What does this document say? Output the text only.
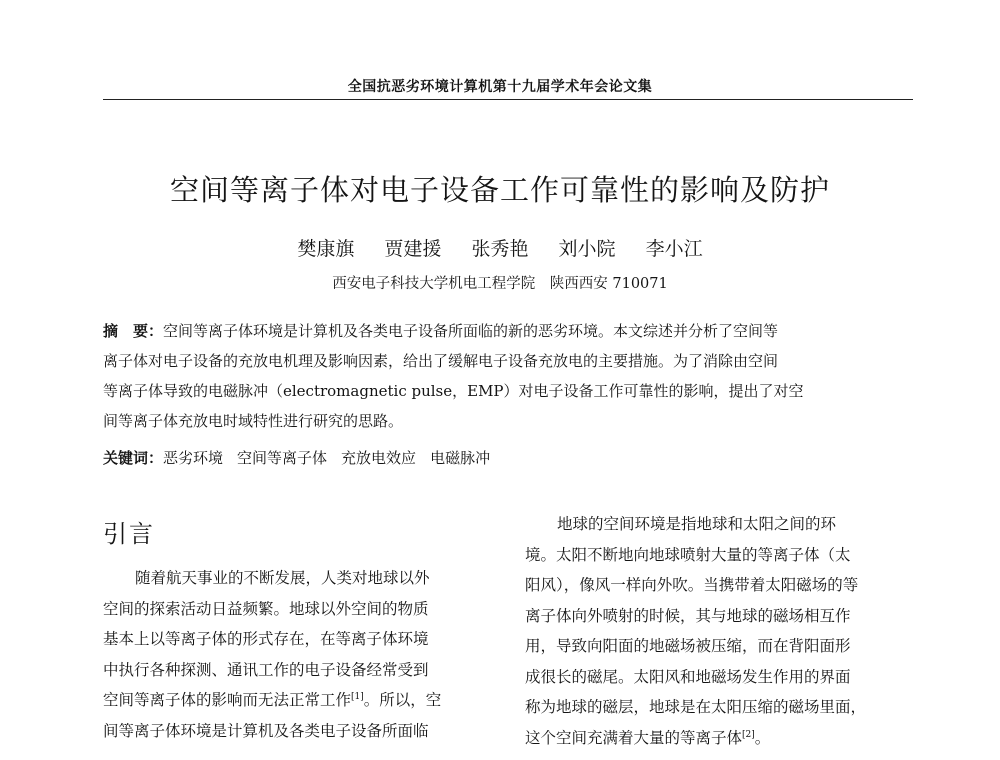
全国抗恶劣环境计算机第十九届学术年会论文集
空间等离子体对电子设备工作可靠性的影响及防护
樊康旗 贾建援 张秀艳 刘小院 李小江
西安电子科技大学机电工程学院　陕西西安 710071
摘　要：空间等离子体环境是计算机及各类电子设备所面临的新的恶劣环境。本文综述并分析了空间等
离子体对电子设备的充放电机理及影响因素，给出了缓解电子设备充放电的主要措施。为了消除由空间
等离子体导致的电磁脉冲（electromagnetic pulse，EMP）对电子设备工作可靠性的影响，提出了对空
间等离子体充放电时域特性进行研究的思路。
关键词：恶劣环境 空间等离子体 充放电效应 电磁脉冲
引言
随着航天事业的不断发展，人类对地球以外
空间的探索活动日益频繁。地球以外空间的物质
基本上以等离子体的形式存在，在等离子体环境
中执行各种探测、通讯工作的电子设备经常受到
空间等离子体的影响而无法正常工作[1]。所以，空
间等离子体环境是计算机及各类电子设备所面临
地球的空间环境是指地球和太阳之间的环
境。太阳不断地向地球喷射大量的等离子体（太
阳风），像风一样向外吹。当携带着太阳磁场的等
离子体向外喷射的时候，其与地球的磁场相互作
用，导致向阳面的地磁场被压缩，而在背阳面形
成很长的磁尾。太阳风和地磁场发生作用的界面
称为地球的磁层，地球是在太阳压缩的磁场里面，
这个空间充满着大量的等离子体[2]。
